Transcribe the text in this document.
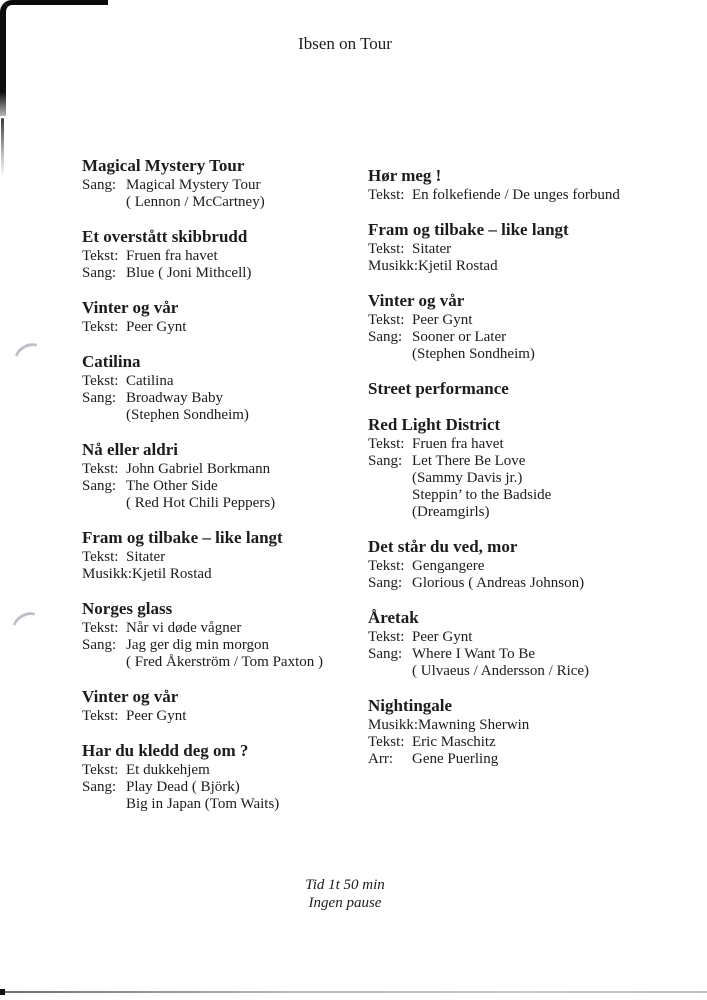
Ibsen on Tour
Magical Mystery Tour
Sang: Magical Mystery Tour
( Lennon / McCartney)
Et overstått skibbrudd
Tekst: Fruen fra havet
Sang: Blue ( Joni Mithcell)
Vinter og vår
Tekst: Peer Gynt
Catilina
Tekst: Catilina
Sang: Broadway Baby
(Stephen Sondheim)
Nå eller aldri
Tekst: John Gabriel Borkmann
Sang: The Other Side
( Red Hot Chili Peppers)
Fram og tilbake – like langt
Tekst: Sitater
Musikk: Kjetil Rostad
Norges glass
Tekst: Når vi døde vågner
Sang: Jag ger dig min morgon
( Fred Åkerström / Tom Paxton )
Vinter og vår
Tekst: Peer Gynt
Har du kledd deg om ?
Tekst: Et dukkehjem
Sang: Play Dead ( Björk)
Big in Japan (Tom Waits)
Hør meg !
Tekst: En folkefiende / De unges forbund
Fram og tilbake – like langt
Tekst: Sitater
Musikk: Kjetil Rostad
Vinter og vår
Tekst: Peer Gynt
Sang: Sooner or Later
(Stephen Sondheim)
Street performance
Red Light District
Tekst: Fruen fra havet
Sang: Let There Be Love
(Sammy Davis jr.)
Steppin’ to the Badside
(Dreamgirls)
Det står du ved, mor
Tekst: Gengangere
Sang: Glorious ( Andreas Johnson)
Åretak
Tekst: Peer Gynt
Sang: Where I Want To Be
( Ulvaeus / Andersson / Rice)
Nightingale
Musikk: Mawning Sherwin
Tekst: Eric Maschitz
Arr:	Gene Puerling
Tid 1t 50 min
Ingen pause
